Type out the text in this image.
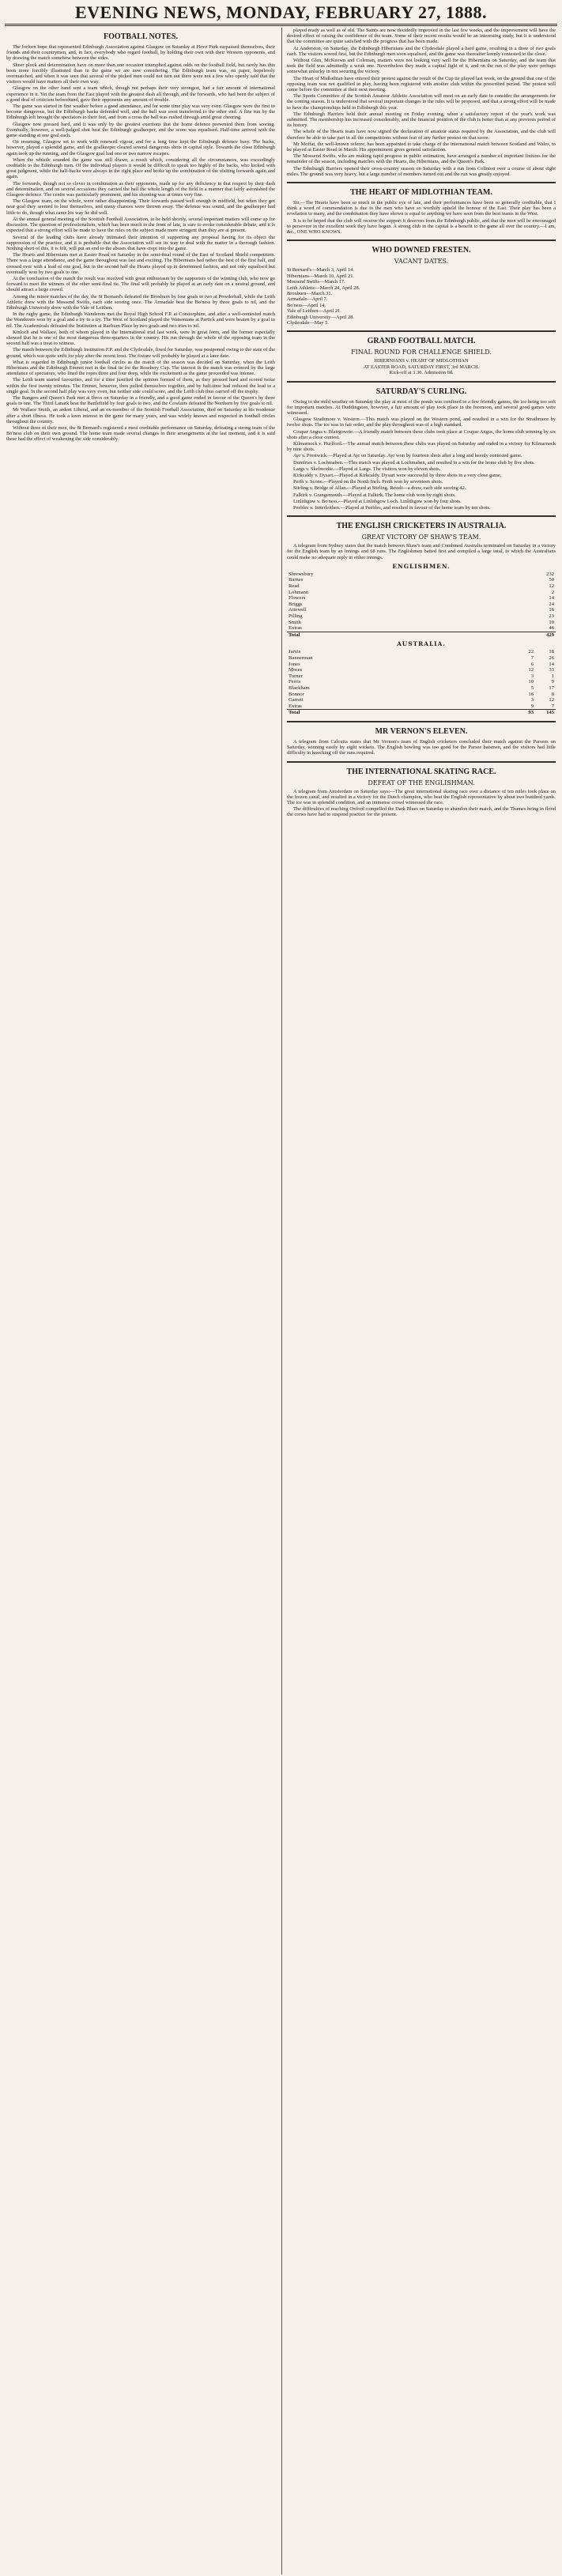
EVENING NEWS, MONDAY, FEBRUARY 27, 1888.
FOOTBALL NOTES.

The forlorn hope that represented Edinburgh Association against Glasgow on Saturday at Hove Park surpassed themselves, their friends and their countrymen, and, in fact, everybody who regard football, by holding their own with their Western opponents, and by drawing the match somehow between the sides.

Sheer pluck and determination have on more than one occasion triumphed against odds on the football field, but rarely has this been more forcibly illustrated than in the game we are now considering. The Edinburgh team was, on paper, hopelessly overmatched, and when it was seen that several of the picked men could not turn out there were not a few who openly said that the visitors would have matters all their own way.

Glasgow on the other hand sent a team which, though not perhaps their very strongest, had a fair amount of international experience in it. Yet the team from the East played with the greatest dash all through, and the forwards, who had been the subject of a good deal of criticism beforehand, gave their opponents any amount of trouble.

The game was started in fine weather before a good attendance, and for some time play was very even. Glasgow were the first to become dangerous, but the Edinburgh backs defended well, and the ball was soon transferred to the other end. A fine run by the Edinburgh left brought the spectators to their feet, and from a cross the ball was rushed through amid great cheering.

Glasgow now pressed hard, and it was only by the greatest exertions that the home defence prevented them from scoring. Eventually, however, a well-judged shot beat the Edinburgh goalkeeper, and the score was equalised. Half-time arrived with the game standing at one goal each.

On resuming, Glasgow set to work with renewed vigour, and for a long time kept the Edinburgh defence busy. The backs, however, played a splendid game, and the goalkeeper cleared several dangerous shots in capital style. Towards the close Edinburgh again took up the running, and the Glasgow goal had one or two narrow escapes.

When the whistle sounded the game was still drawn, a result which, considering all the circumstances, was exceedingly creditable to the Edinburgh men. Of the individual players it would be difficult to speak too highly of the backs, who kicked with great judgment, while the half-backs were always in the right place and broke up the combination of the visiting forwards again and again.

The forwards, though not so clever in combination as their opponents, made up for any deficiency in that respect by their dash and determination, and on several occasions they carried the ball the whole length of the field in a manner that fairly astonished the Glasgow defence. The centre was particularly prominent, and his shooting was at times very fine.

The Glasgow team, on the whole, were rather disappointing. Their forwards passed well enough in midfield, but when they got near goal they seemed to lose themselves, and many chances were thrown away. The defence was sound, and the goalkeeper had little to do, though what came his way he did well.

At the annual general meeting of the Scottish Football Association, to be held shortly, several important matters will come up for discussion. The question of professionalism, which has been much to the front of late, is sure to evoke considerable debate, and it is expected that a strong effort will be made to have the rules on the subject made more stringent than they are at present.

Several of the leading clubs have already intimated their intention of supporting any proposal having for its object the suppression of the practice, and it is probable that the Association will see its way to deal with the matter in a thorough fashion. Nothing short of this, it is felt, will put an end to the abuses that have crept into the game.

The Hearts and Hibernians met at Easter Road on Saturday in the semi-final round of the East of Scotland Shield competition. There was a large attendance, and the game throughout was fast and exciting. The Hibernians had rather the best of the first half, and crossed over with a lead of one goal, but in the second half the Hearts played up in determined fashion, and not only equalised but eventually won by two goals to one.

At the conclusion of the match the result was received with great enthusiasm by the supporters of the winning club, who now go forward to meet the winners of the other semi-final tie. The final will probably be played at an early date on a neutral ground, and should attract a large crowd.

Among the minor matches of the day, the St Bernard's defeated the Broxburn by four goals to two at Powderhall, while the Leith Athletic drew with the Mossend Swifts, each side scoring once. The Armadale beat the Bo'ness by three goals to nil, and the Edinburgh University drew with the Vale of Leithen.

In the rugby game, the Edinburgh Wanderers met the Royal High School F.P. at Corstorphine, and after a well-contested match the Wanderers won by a goal and a try to a try. The West of Scotland played the Watsonians at Partick and were beaten by a goal to nil. The Academicals defeated the Institution at Raeburn Place by two goals and two tries to nil.

Kinloch and Wallace, both of whom played in the International trial last week, were in great form, and the former especially showed that he is one of the most dangerous three-quarters in the country. His run through the whole of the opposing team in the second half was a treat to witness.

The match between the Edinburgh Institution F.P. and the Clydesdale, fixed for Saturday, was postponed owing to the state of the ground, which was quite unfit for play after the recent frost. The fixture will probably be played at a later date.

What is regarded in Edinburgh junior football circles as the match of the season was decided on Saturday, when the Leith Hibernians and the Edinburgh Emmet met in the final tie for the Rosebery Cup. The interest in the match was evinced by the large attendance of spectators, who lined the ropes three and four deep, while the excitement as the game proceeded was intense.

The Leith team started favourites, and for a time justified the opinion formed of them, as they pressed hard and scored twice within the first twenty minutes. The Emmet, however, then pulled themselves together, and by half-time had reduced the lead to a single goal. In the second half play was very even, but neither side could score, and the Leith club thus carried off the trophy.

The Rangers and Queen's Park met at Ibrox on Saturday in a friendly, and a good game ended in favour of the Queen's by three goals to one. The Third Lanark beat the Battlefield by four goals to two, and the Cowlairs defeated the Northern by five goals to nil.

Mr Wallace Smith, an ardent Liberal, and an ex-member of the Scottish Football Association, died on Saturday at his residence after a short illness. He took a keen interest in the game for many years, and was widely known and respected in football circles throughout the country.

Without three of their men, the St Bernard's registered a most creditable performance on Saturday, defeating a strong team of the Bo'ness club on their own ground. The home team made several changes in their arrangements at the last moment, and it is said these had the effect of weakening the side considerably.

played ready as well as of old. The Saints are now decidedly improved in the last few weeks, and the improvement will have the desired effect of raising the confidence of the team. Some of their recent results would be an interesting study, but it is understood that the committee are quite satisfied with the progress that has been made.

At Anderston, on Saturday, the Edinburgh Hibernians and the Clydesdale played a hard game, resulting in a draw of two goals each. The visitors scored first, but the Edinburgh men soon equalised, and the game was thereafter keenly contested to the close.

Without Glen, McKeown and Coleman, matters were not looking very well for the Hibernians on Saturday, and the team that took the field was admittedly a weak one. Nevertheless they made a capital fight of it, and on the run of the play were perhaps somewhat unlucky in not securing the victory.

The Heart of Midlothian have entered their protest against the result of the Cup tie played last week, on the ground that one of the opposing team was not qualified to play, having been registered with another club within the prescribed period. The protest will come before the committee at their next meeting.

The Sports Committee of the Scottish Amateur Athletic Association will meet on an early date to consider the arrangements for the coming season. It is understood that several important changes in the rules will be proposed, and that a strong effort will be made to have the championships held in Edinburgh this year.

The Edinburgh Harriers held their annual meeting on Friday evening, when a satisfactory report of the year's work was submitted. The membership has increased considerably, and the financial position of the club is better than at any previous period of its history.

The whole of the Hearts team have now signed the declaration of amateur status required by the Association, and the club will therefore be able to take part in all the competitions without fear of any further protest on that score.

Mr Moffat, the well-known referee, has been appointed to take charge of the international match between Scotland and Wales, to be played at Easter Road in March. His appointment gives general satisfaction.

The Mossend Swifts, who are making rapid progress in public estimation, have arranged a number of important fixtures for the remainder of the season, including matches with the Hearts, the Hibernians, and the Queen's Park.

The Edinburgh Harriers opened their cross-country season on Saturday with a run from Colinton over a course of about eight miles. The ground was very heavy, but a large number of members turned out and the run was greatly enjoyed.

THE HEART OF MIDLOTHIAN TEAM.

Sir,—The Hearts have been so much in the public eye of late, and their performances have been so generally creditable, that I think a word of commendation is due to the men who have so worthily upheld the honour of the East. Their play has been a revelation to many, and the combination they have shown is equal to anything we have seen from the best teams in the West.

It is to be hoped that the club will receive the support it deserves from the Edinburgh public, and that the men will be encouraged to persevere in the excellent work they have begun. A strong club in the capital is a benefit to the game all over the country.—I am, &c., ONE WHO KNOWS.

WHO DOWNED FRESTEN.
VACANT DATES.
St Bernard's—March 3, April 14.
Hibernians—March 10, April 21.
Mossend Swifts—March 17.
Leith Athletic—March 24, April 28.
Broxburn—March 31.
Armadale—April 7.
Bo'ness—April 14.
Vale of Leithen—April 21.
Edinburgh University—April 28.
Clydesdale—May 5.
GRAND FOOTBALL MATCH.
FINAL ROUND FOR CHALLENGE SHIELD.
HIBERNIANS v. HEART OF MIDLOTHIAN
AT EASTER ROAD, SATURDAY FIRST, 3rd MARCH.
Kick-off at 3.30. Admission 6d.
SATURDAY'S CURLING.

Owing to the mild weather on Saturday the play at most of the ponds was confined to a few friendly games, the ice being too soft for important matches. At Duddingston, however, a fair amount of play took place in the forenoon, and several good games were witnessed.

Glasgow Strathmore v. Western.—This match was played on the Western pond, and resulted in a win for the Strathmore by twelve shots. The ice was in fair order, and the play throughout was of a high standard.

Coupar Angus v. Blairgowrie.—A friendly match between these clubs took place at Coupar Angus, the home club winning by six shots after a close contest.

Kilmarnock v. Hurlford.—The annual match between these clubs was played on Saturday and ended in a victory for Kilmarnock by nine shots.

Ayr v. Prestwick.—Played at Ayr on Saturday. Ayr won by fourteen shots after a long and keenly contested game.

Dumfries v. Lochmaben.—This match was played at Lochmaben, and resulted in a win for the home club by five shots.

Largs v. Skelmorlie.—Played at Largs. The visitors won by eleven shots.

Kirkcaldy v. Dysart.—Played at Kirkcaldy. Dysart were successful by three shots in a very close game.

Perth v. Scone.—Played on the North Inch. Perth won by seventeen shots.

Stirling v. Bridge of Allan.—Played at Stirling. Result—a draw, each side scoring 42.

Falkirk v. Grangemouth.—Played at Falkirk. The home club won by eight shots.

Linlithgow v. Bo'ness.—Played at Linlithgow Loch. Linlithgow won by four shots.

Peebles v. Innerleithen.—Played at Peebles, and resulted in favour of the home team by ten shots.

THE ENGLISH CRICKETERS IN AUSTRALIA.
GREAT VICTORY OF SHAW'S TEAM.

A telegram from Sydney states that the match between Shaw's team and Combined Australia terminated on Saturday in a victory for the English team by an innings and 68 runs. The Englishmen batted first and compiled a large total, to which the Australians could make no adequate reply in either innings.

ENGLISHMEN.
Shrewsbury	232
Barnes	50
Read	12
Lohmann	2
Flowers	14
Briggs	24
Attewell	16
Pilling	23
Smith	10
Extras	46
Total	429
AUSTRALIA.
Jarvis	22	18
Bannerman	7	26
Jones	6	14
Moses	12	33
Turner	3	1
Ferris	10	9
Blackham	5	17
Bonnor	16	8
Garrett	3	12
Extras	9	7
Total	93	145
MR VERNON'S ELEVEN.

A telegram from Calcutta states that Mr Vernon's team of English cricketers concluded their match against the Parsees on Saturday, winning easily by eight wickets. The English bowling was too good for the Parsee batsmen, and the visitors had little difficulty in knocking off the runs required.

THE INTERNATIONAL SKATING RACE.
DEFEAT OF THE ENGLISHMAN.

A telegram from Amsterdam on Saturday says:—The great international skating race over a distance of ten miles took place on the frozen canal, and resulted in a victory for the Dutch champion, who beat the English representative by about two hundred yards. The ice was in splendid condition, and an immense crowd witnessed the race.

The difficulties of reaching Oxford compelled the Dark Blues on Saturday to abandon their match, and the Thames being in flood the crews have had to suspend practice for the present.
